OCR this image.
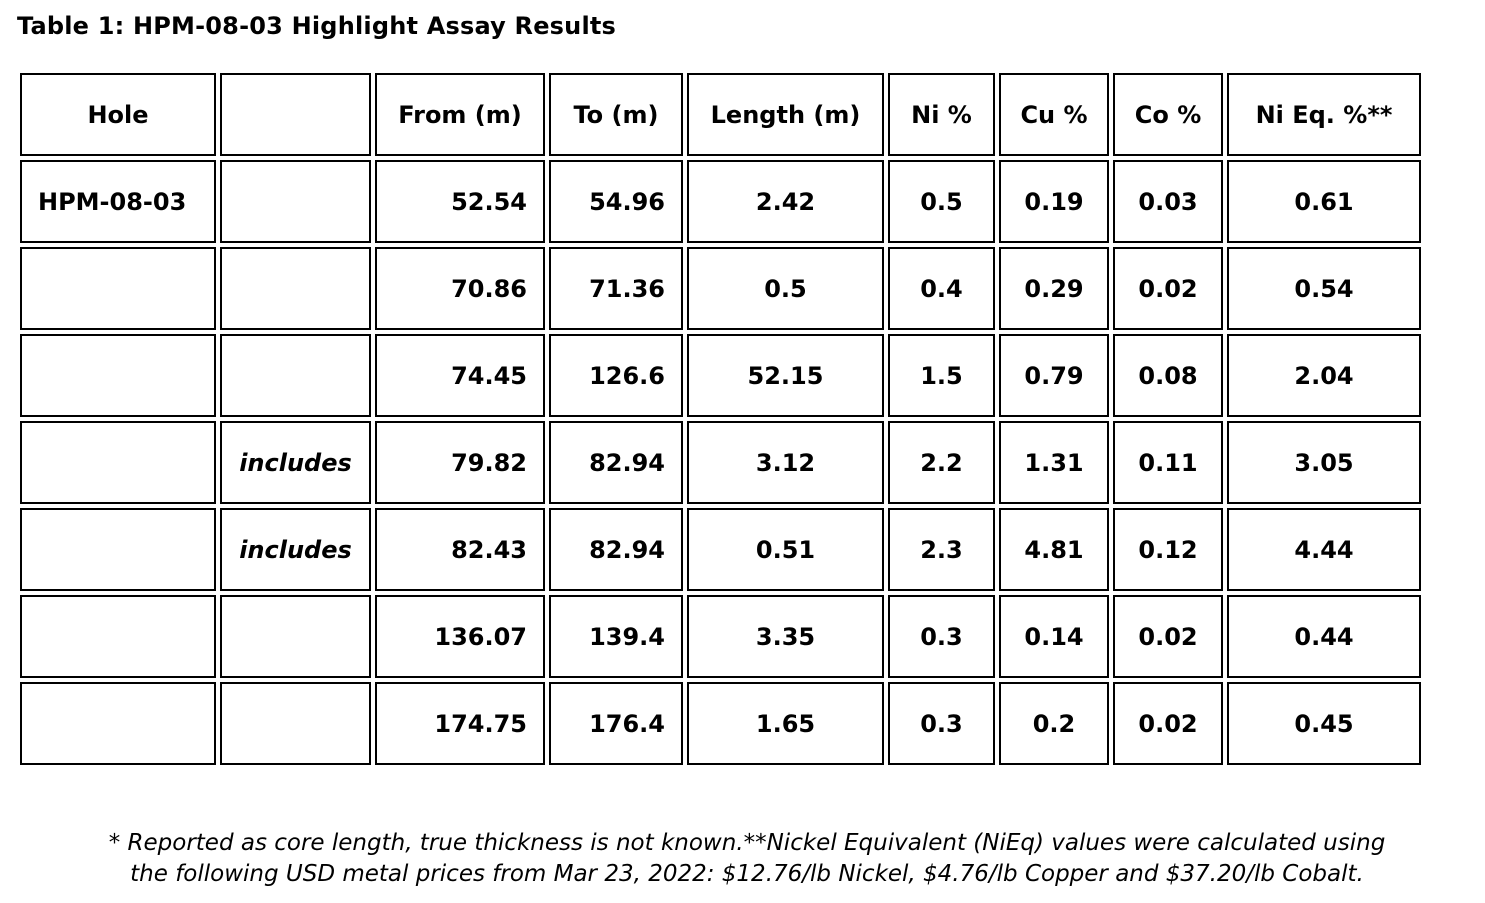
Table 1: HPM-08-03 Highlight Assay Results
Hole		From (m)	To (m)	Length (m)	Ni %	Cu %	Co %	Ni Eq. %**
HPM-08-03		52.54	54.96	2.42	0.5	0.19	0.03	0.61
		70.86	71.36	0.5	0.4	0.29	0.02	0.54
		74.45	126.6	52.15	1.5	0.79	0.08	2.04
	includes	79.82	82.94	3.12	2.2	1.31	0.11	3.05
	includes	82.43	82.94	0.51	2.3	4.81	0.12	4.44
		136.07	139.4	3.35	0.3	0.14	0.02	0.44
		174.75	176.4	1.65	0.3	0.2	0.02	0.45
* Reported as core length, true thickness is not known.**Nickel Equivalent (NiEq) values were calculated using
the following USD metal prices from Mar 23, 2022: $12.76/lb Nickel, $4.76/lb Copper and $37.20/lb Cobalt.
